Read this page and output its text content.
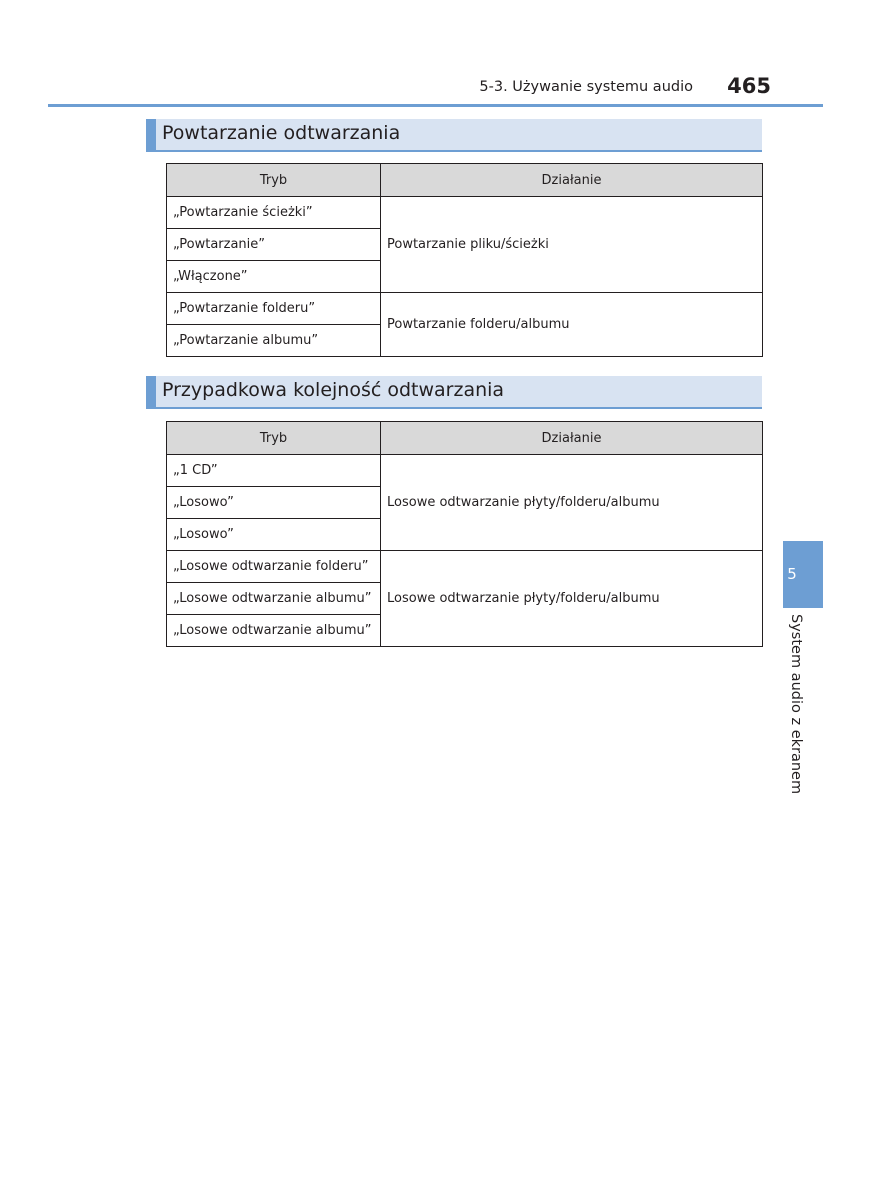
5-3. Używanie systemu audio 465
Powtarzanie odtwarzania
Tryb	Działanie
„Powtarzanie ścieżki”	Powtarzanie pliku/ścieżki
„Powtarzanie”	
„Włączone”	
„Powtarzanie folderu”	Powtarzanie folderu/albumu
„Powtarzanie albumu”	
Przypadkowa kolejność odtwarzania
Tryb	Działanie
„1 CD”	Losowe odtwarzanie płyty/folderu/albumu
„Losowo”	
„Losowo”	
„Losowe odtwarzanie folderu”	Losowe odtwarzanie płyty/folderu/albumu
„Losowe odtwarzanie albumu”	
„Losowe odtwarzanie albumu”	
5
System audio z ekranem
